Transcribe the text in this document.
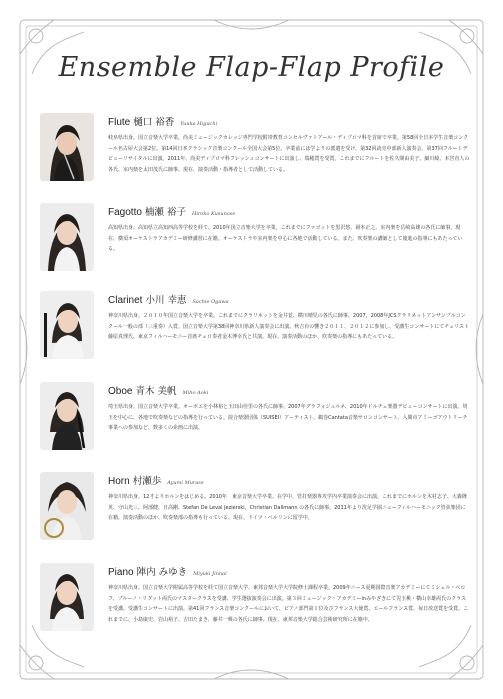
Ensemble Flap-Flap Profile
Flute 樋口 裕香 Yuuka Higuchi
岐阜県出身。国立音楽大学卒業。尚美ミュージックカレッジ専門学校附帯教育コンセルヴァトアール・ディプロマ科を首席で卒業。第58回全日本学生音楽コンクール名古屋大会第2位。第14回日本クラシック音楽コンクール全国大会第5位。卒業前には学よりの派遣を受け、第32回読売中部新人演奏会、第37回フルートデビューリサイタルに出演。2011年、尚美ディプロマ科フレッシュコンサートに出演し、瑞穂賞を受賞。これまでにフルートを佐久間由美子、細川綾、本宮直人の各氏、室内楽を太田茂氏に師事。現在、演奏活動・指導者として活動している。
Fagotto 楠瀬 裕子 Hiroko Kusunose
高知県出身。高知県立高知西高等学校を経て、2010年国立音楽大学を卒業。これまでにファゴットを黒沢悠、岡本正之、室内楽を岳崎高雄の各氏に師事。現在、横須オーケストラアカデミー研修講習に在籍。オーケストラや室内楽を中心に各地で活動している。また、吹奏楽の講師として後進の指導にもあたっている。
Clarinet 小川 幸恵 Sachie Ogawa
神奈川県出身。２０１０年国立音楽大学を卒業。これまでにクラリネットを金井覚、横川晴児の各氏に師事。2007、2008年JCSクラリネットアンサンブルコンクール一般の部（三重奏）入賞。国立音楽大学第38回神奈川県新人演奏会に出演。秋吉台の響き２０１１、２０１２に参加し、受講生コンサートにてチェリスト藤原真理氏、東京フィルハーモニー首席チェロ奏者金木博幸氏と共演。現在、演奏活動のほか、吹奏楽の指導にもあたっている。
Oboe 青木 美帆 Miho Aoki
埼玉県出身。国立音楽大学卒業。オーボエを小林裕と玉田由佳里の各氏に師事。2007年グラフォジュルネ、2010年ドルチェ楽器デビューコンサートに出演。埼玉を中心に、各地で吹奏楽などの指導を行っている。混合楽器団体（SUISEI）アーティスト。鶴巻Cantata音楽サロンコンサート、入間市アミーゴアウトリーチ事業への参加など、数多くの企画に出演。
Horn 村瀬歩 Ayumi Murase
神奈川県出身。12才よりホルンをはじめる。2010年　東京音楽大学卒業。在学中、管打楽器専攻学内卒業演奏会に出演。これまでにホルンを木村志子、大森隆英、守山光三、阿部健、日高剛、Stefan De Leval Jezierski、Christian Dallmann の各氏に師事。2011年より洗足学園ニューフィルハーモニック管弦楽団に在籍。演奏活動のほか、吹奏楽部の指導も行っている。現在、ドイツ・ベルリンに留学中。
Piano 陣内 みゆき Miyuki Jinnai
神奈川県出身。国立音楽大学附属高等学校を経て国立音楽大学、東邦音楽大学大学院修士課程卒業。2009年ニース夏期国際音楽アカデミーにてミシェル・ベロフ、ブルーノ・リグット両氏のマスタークラスを受講、学生選抜演奏会に出演。第３回ミュージック・アカデミーinみやざきにて児玉桃・横山幸雄両氏のクラスを受講、受講生コンサートに出演。第41回フランス音楽コンクールにおいて、ピアノ部門第１位及びフランス大使賞、エールフランス賞、毎日放送賞を受賞。これまでに、小島康史、岩山裕子、吉田たまき、藤井一興の各氏に師事。現在、東邦音楽大学総合芸術研究所に在籍中。
